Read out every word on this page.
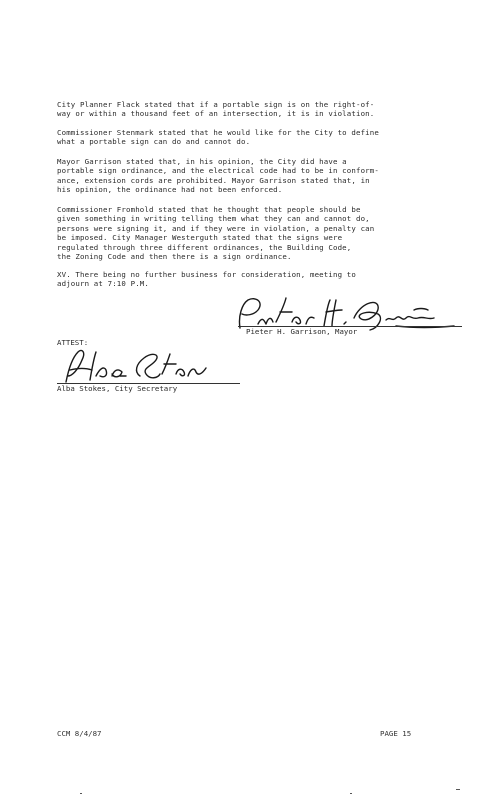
City Planner Flack stated that if a portable sign is on the right-of-
way or within a thousand feet of an intersection, it is in violation.
Commissioner Stenmark stated that he would like for the City to define
what a portable sign can do and cannot do.
Mayor Garrison stated that, in his opinion, the City did have a
portable sign ordinance, and the electrical code had to be in conform-
ance, extension cords are prohibited. Mayor Garrison stated that, in
his opinion, the ordinance had not been enforced.
Commissioner Fromhold stated that he thought that people should be
given something in writing telling them what they can and cannot do,
persons were signing it, and if they were in violation, a penalty can
be imposed. City Manager Westerguth stated that the signs were
regulated through three different ordinances, the Building Code,
the Zoning Code and then there is a sign ordinance.
XV. There being no further business for consideration, meeting to
adjourn at 7:10 P.M.
Pieter H. Garrison, Mayor
ATTEST:
Alba Stokes, City Secretary
CCM 8/4/87	PAGE 15
